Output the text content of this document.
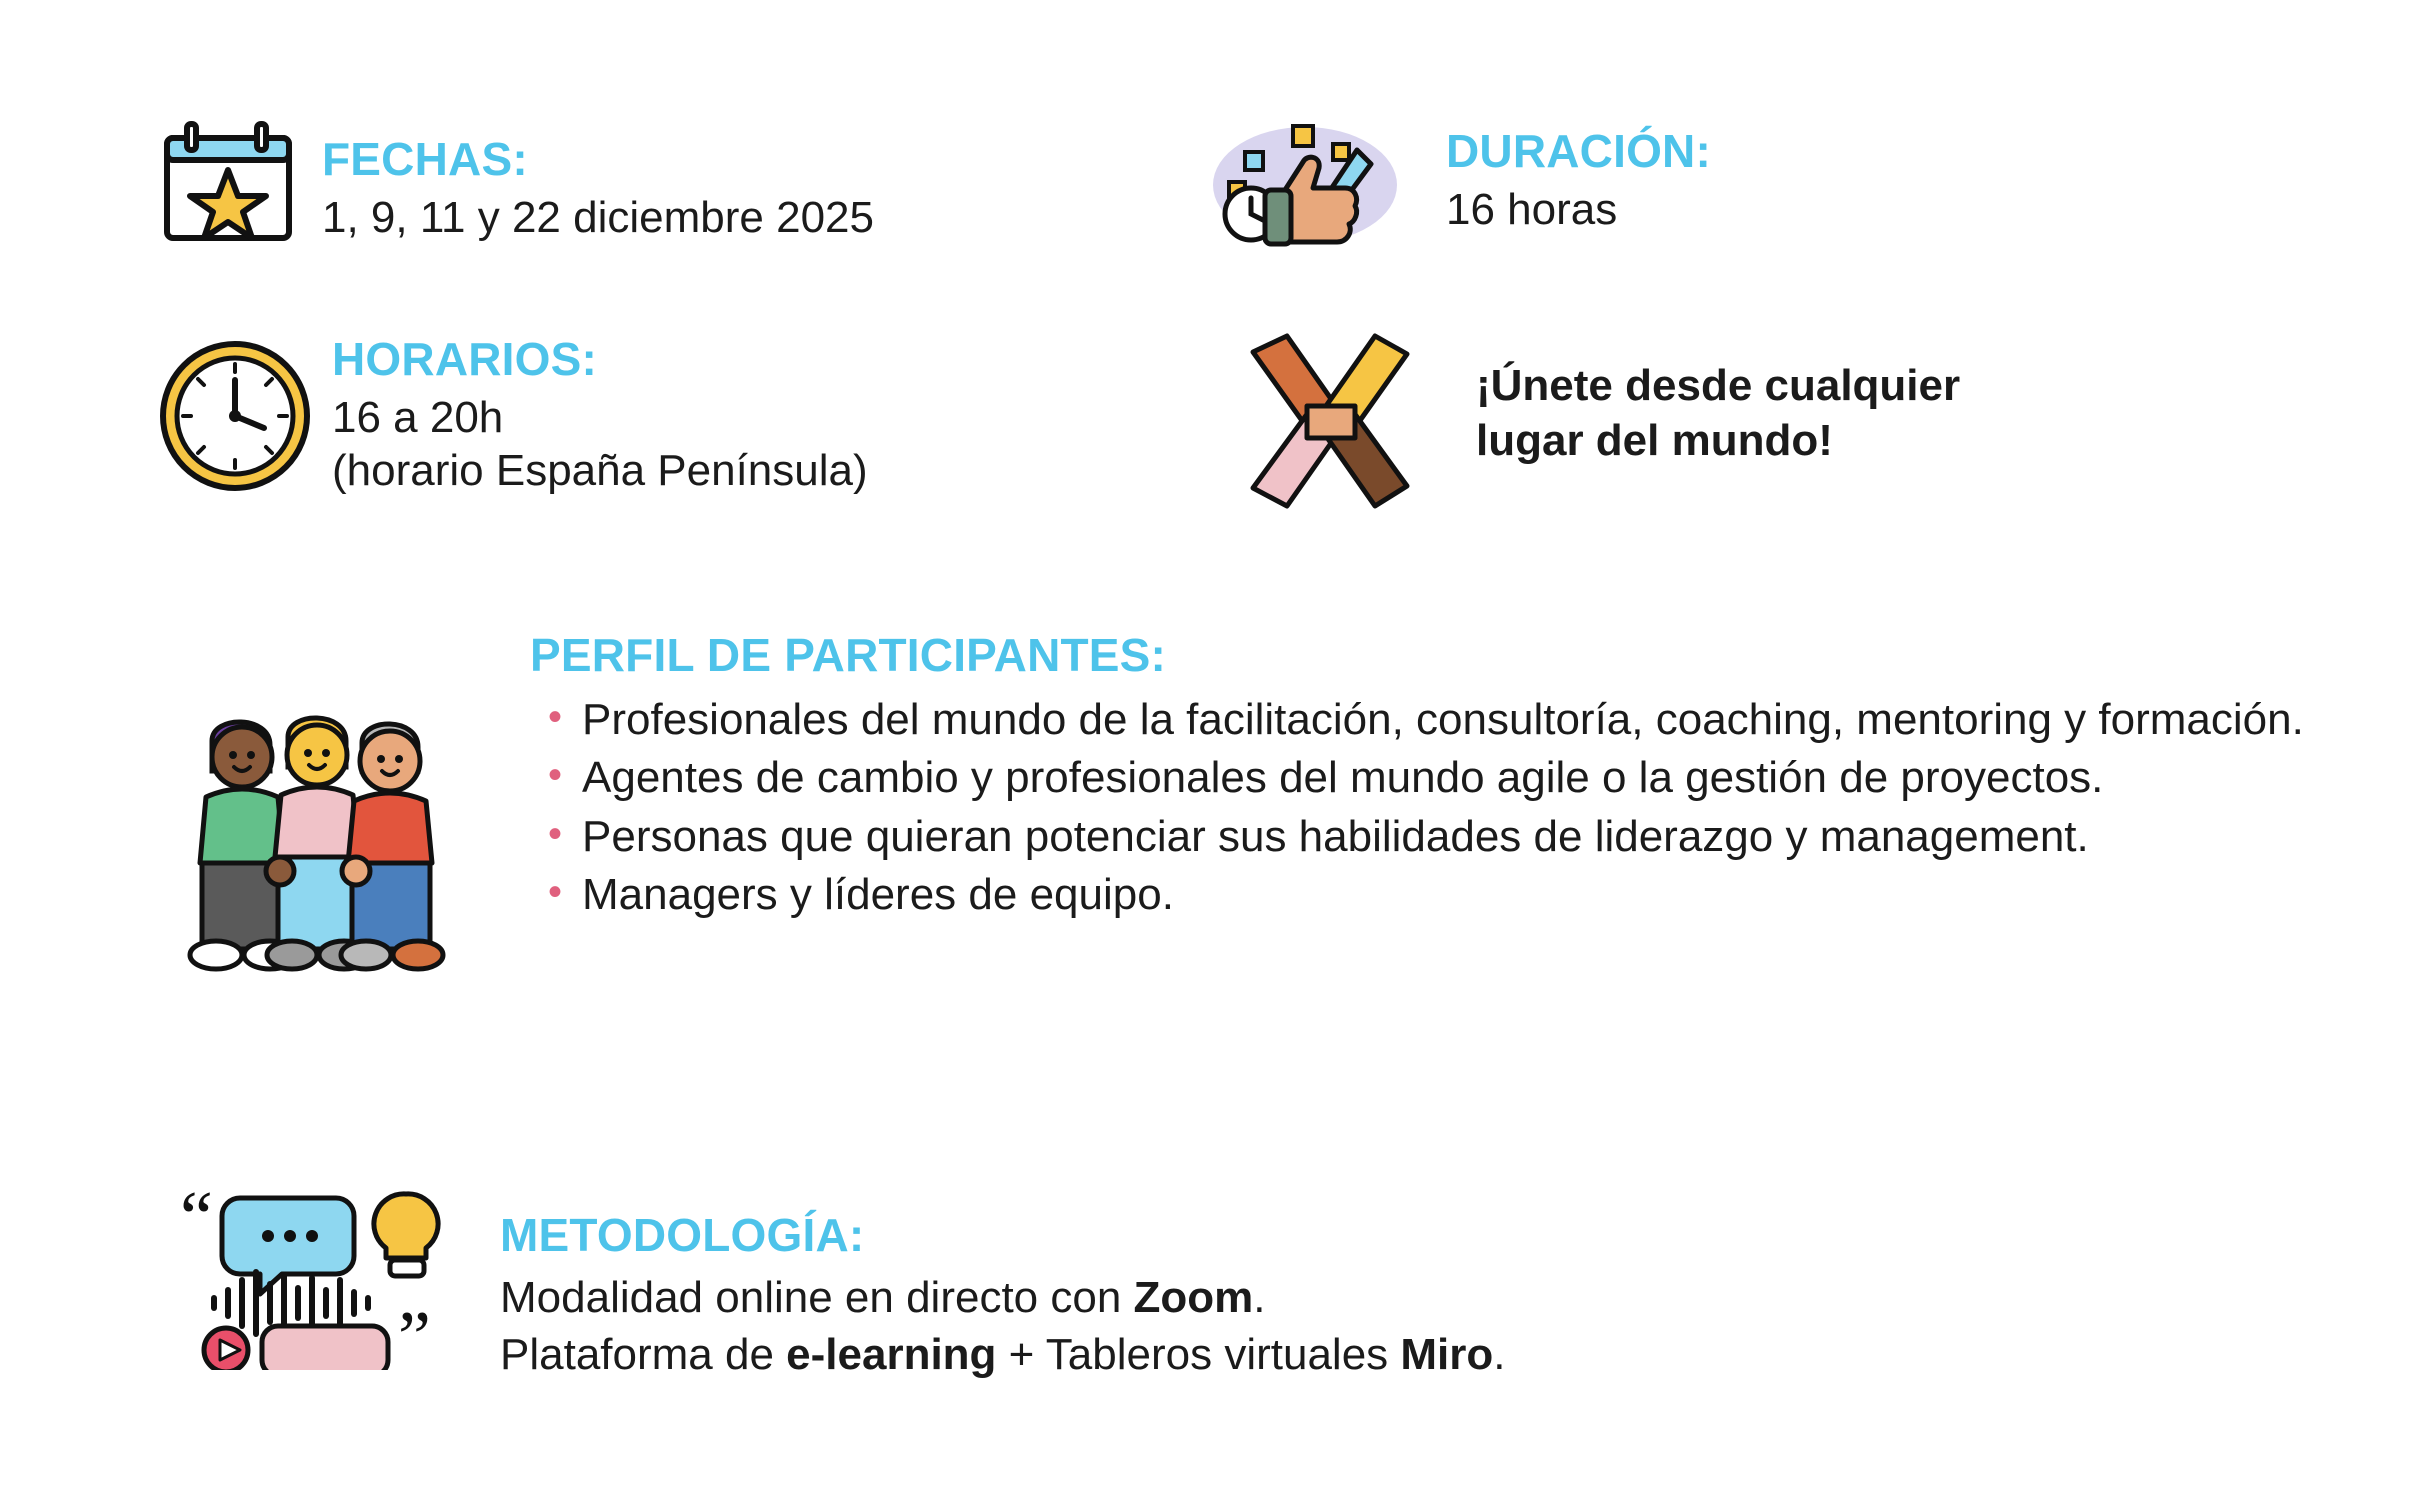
FECHAS:
1, 9, 11 y 22 diciembre 2025
DURACIÓN:
16 horas
HORARIOS:
16 a 20h
(horario España Península)
¡Únete desde cualquier
lugar del mundo!
PERFIL DE PARTICIPANTES:
• Profesionales del mundo de la facilitación, consultoría, coaching, mentoring y formación.
• Agentes de cambio y profesionales del mundo agile o la gestión de proyectos.
• Personas que quieran potenciar sus habilidades de liderazgo y management.
• Managers y líderes de equipo.
“
”
METODOLOGÍA:
Modalidad online en directo con Zoom.
Plataforma de e-learning + Tableros virtuales Miro.
